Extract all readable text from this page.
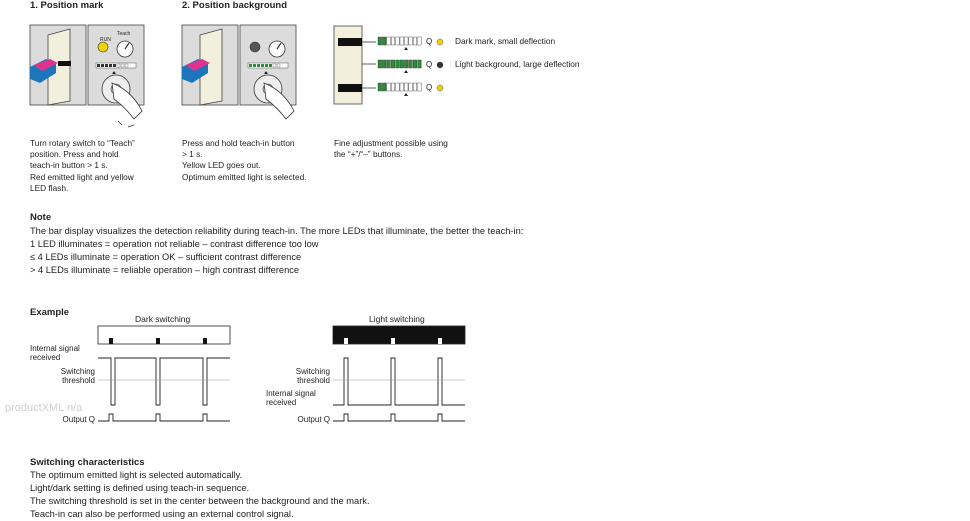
1. Position mark	2. Position background
RUN
Teach
Q
Q
Q
Dark mark, small deflection
Light background, large deflection
Turn rotary switch to “Teach”
position. Press and hold
teach-in button > 1 s.
Red emitted light and yellow
LED flash.
Press and hold teach-in button
> 1 s.
Yellow LED goes out.
Optimum emitted light is selected.
Fine adjustment possible using
the “+”/“–” buttons.
Note
The bar display visualizes the detection reliability during teach-in. The more LEDs that illuminate, the better the teach-in:
1 LED illuminates = operation not reliable – contrast difference too low
≤ 4 LEDs illuminate = operation OK – sufficient contrast difference
> 4 LEDs illuminate = reliable operation – high contrast difference
Example
Dark switching
Internal signal
received
Switching
threshold
Output Q
Light switching
Switching
threshold
Internal signal
received
Output Q
productXML n/a
Switching characteristics
The optimum emitted light is selected automatically.
Light/dark setting is defined using teach-in sequence.
The switching threshold is set in the center between the background and the mark.
Teach-in can also be performed using an external control signal.
